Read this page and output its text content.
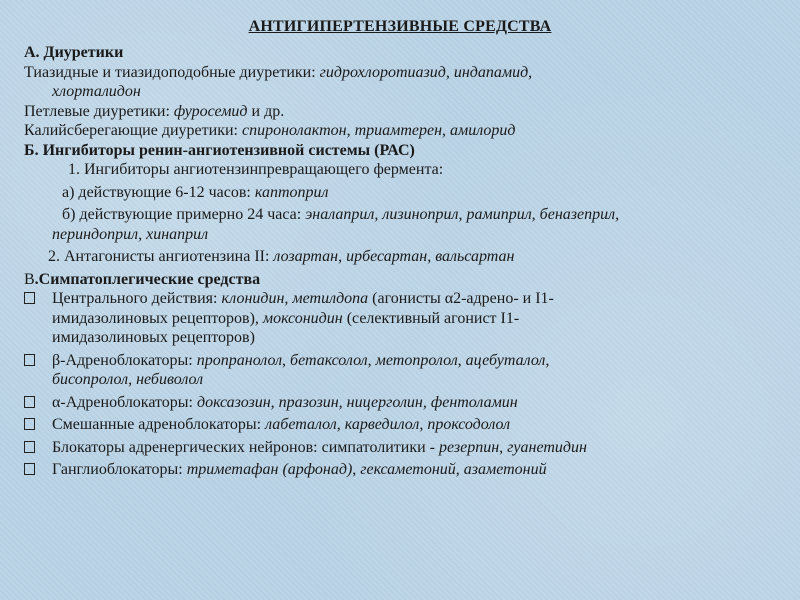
АНТИГИПЕРТЕНЗИВНЫЕ СРЕДСТВА
А. Диуретики
Тиазидные и тиазидоподобные диуретики: гидрохлоротиазид, индапамид,
хлорталидон
Петлевые диуретики: фуросемид и др.
Калийсберегающие диуретики: спиронолактон, триамтерен, амилорид
Б. Ингибиторы ренин-ангиотензивной системы (РАС)
1. Ингибиторы ангиотензинпревращающего фермента:
а) действующие 6-12 часов: каптоприл
б) действующие примерно 24 часа: эналаприл, лизиноприл, рамиприл, беназеприл,
периндоприл, хинаприл
2. Антагонисты ангиотензина II: лозартан, ирбесартан, вальсартан
В.Симпатоплегические средства
Центрального действия: клонидин, метилдопа (агонисты α2-адрено- и I1-
имидазолиновых рецепторов), моксонидин (селективный агонист I1-
имидазолиновых рецепторов)
β-Адреноблокаторы: пропранолол, бетаксолол, метопролол, ацебуталол,
бисопролол, небиволол
α-Адреноблокаторы: доксазозин, празозин, ницерголин, фентоламин
Смешанные адреноблокаторы: лабеталол, карведилол, проксодолол
Блокаторы адренергических нейронов: симпатолитики - резерпин, гуанетидин
Ганглиоблокаторы: триметафан (арфонад), гексаметоний, азаметоний
